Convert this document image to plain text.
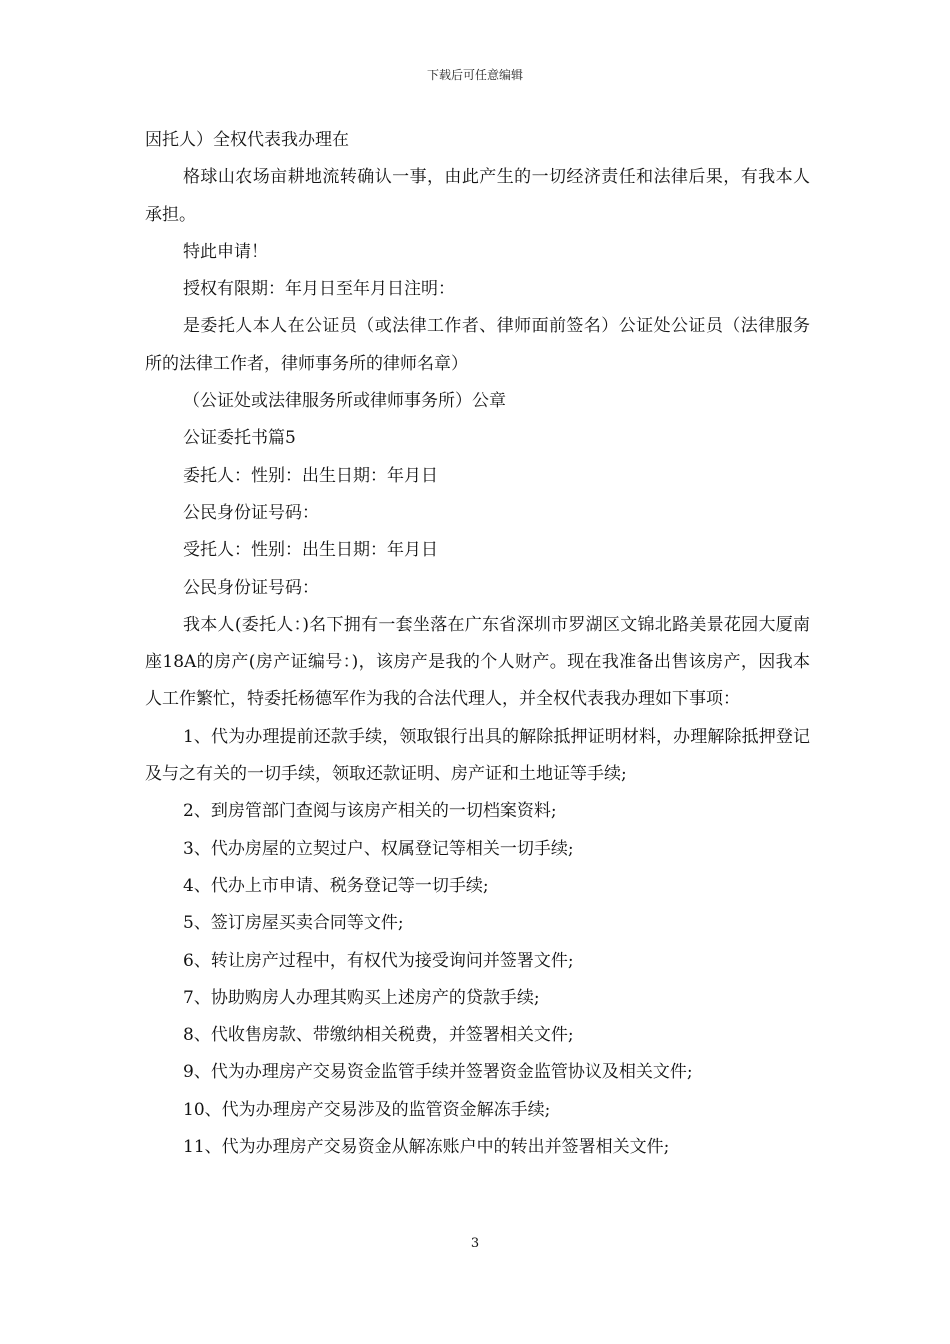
下载后可任意编辑

因托人）全权代表我办理在

格球山农场亩耕地流转确认一事，由此产生的一切经济责任和法律后果，有我本人承担。

特此申请！

授权有限期：年月日至年月日注明：

是委托人本人在公证员（或法律工作者、律师面前签名）公证处公证员（法律服务所的法律工作者，律师事务所的律师名章）

（公证处或法律服务所或律师事务所）公章

公证委托书篇5

委托人：性别：出生日期：年月日

公民身份证号码：

受托人：性别：出生日期：年月日

公民身份证号码：

我本人(委托人：)名下拥有一套坐落在广东省深圳市罗湖区文锦北路美景花园大厦南座18A的房产(房产证编号：)，该房产是我的个人财产。现在我准备出售该房产，因我本人工作繁忙，特委托杨德军作为我的合法代理人，并全权代表我办理如下事项：

1、代为办理提前还款手续，领取银行出具的解除抵押证明材料，办理解除抵押登记及与之有关的一切手续，领取还款证明、房产证和土地证等手续;

2、到房管部门查阅与该房产相关的一切档案资料;

3、代办房屋的立契过户、权属登记等相关一切手续;

4、代办上市申请、税务登记等一切手续;

5、签订房屋买卖合同等文件;

6、转让房产过程中，有权代为接受询问并签署文件;

7、协助购房人办理其购买上述房产的贷款手续;

8、代收售房款、带缴纳相关税费，并签署相关文件;

9、代为办理房产交易资金监管手续并签署资金监管协议及相关文件;

10、代为办理房产交易涉及的监管资金解冻手续;

11、代为办理房产交易资金从解冻账户中的转出并签署相关文件;

3
